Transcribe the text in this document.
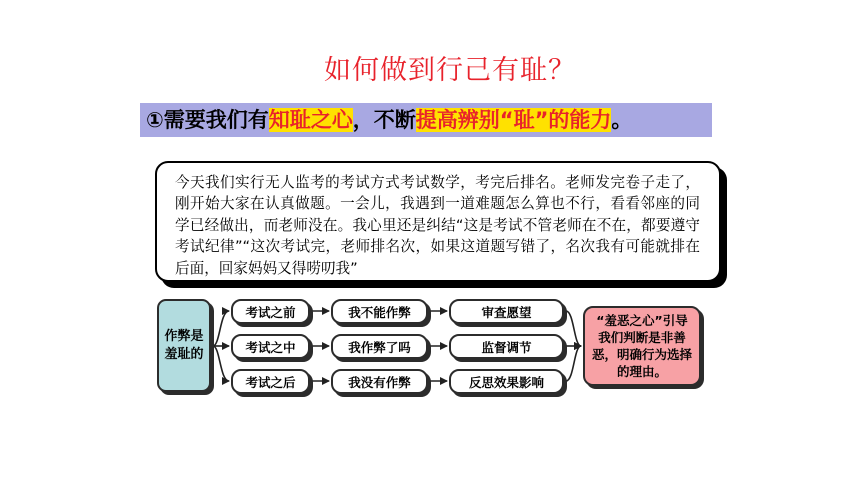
如何做到行己有耻？
①需要我们有知耻之心，不断提高辨别“耻”的能力。
今天我们实行无人监考的考试方式考试数学，考完后排名。老师发完卷子走了，刚开始大家在认真做题。一会儿，我遇到一道难题怎么算也不行，看看邻座的同学已经做出，而老师没在。我心里还是纠结“这是考试不管老师在不在，都要遵守考试纪律”“这次考试完，老师排名次，如果这道题写错了，名次我有可能就排在后面，回家妈妈又得唠叨我”
作弊是羞耻的
考试之前
考试之中
考试之后
我不能作弊
我作弊了吗
我没有作弊
审查愿望
监督调节
反思效果影响
“羞恶之心”引导我们判断是非善恶，明确行为选择的理由。
